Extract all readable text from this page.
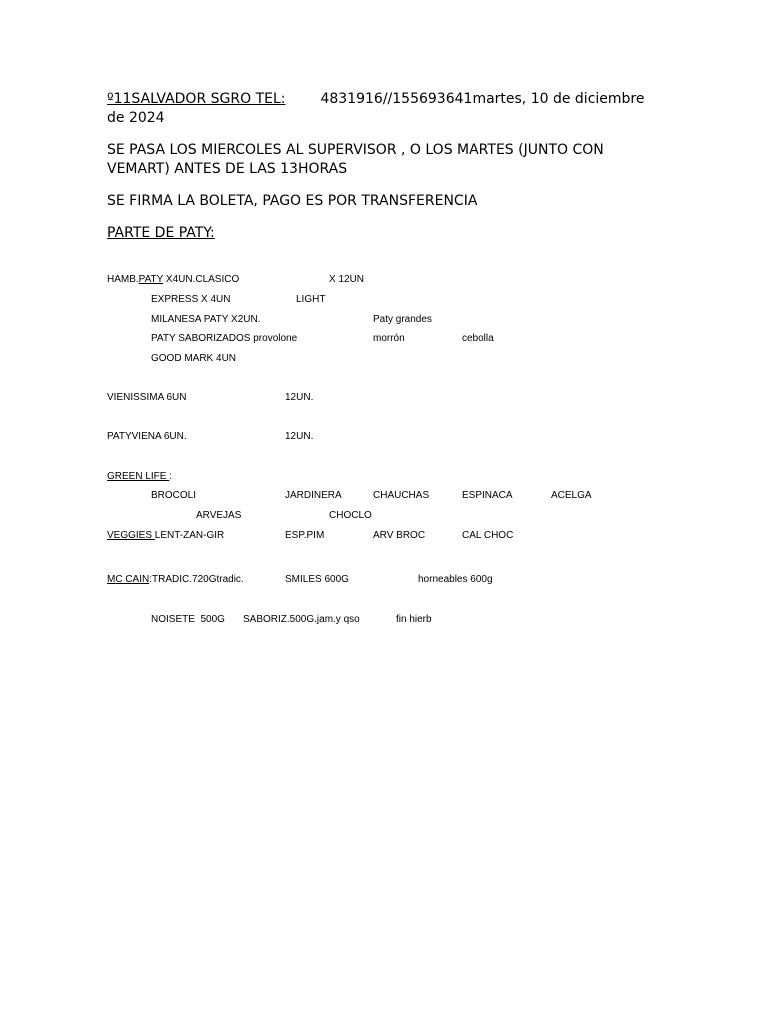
º11SALVADOR SGRO TEL:	4831916//155693641martes, 10 de diciembre de 2024
SE PASA LOS MIERCOLES AL SUPERVISOR , O LOS MARTES (JUNTO CON VEMART) ANTES DE LAS 13HORAS
SE FIRMA LA BOLETA, PAGO ES POR TRANSFERENCIA
PARTE DE PATY:
HAMB.PATY X4UN.CLASICO	X 12UN
EXPRESS X 4UN	LIGHT
MILANESA PATY X2UN.	Paty grandes
PATY SABORIZADOS provolone	morrón	cebolla
GOOD MARK 4UN
VIENISSIMA 6UN	12UN.
PATYVIENA 6UN.	12UN.
GREEN LIFE :
BROCOLI	JARDINERA	CHAUCHAS	ESPINACA	ACELGA
ARVEJAS	CHOCLO
VEGGIES LENT-ZAN-GIR	ESP.PIM	ARV BROC	CAL CHOC
MC CAIN:TRADIC.720Gtradic.	SMILES 600G	horneables 600g
NOISETE  500G SABORIZ.500G.jam.y qso	fin hierb
